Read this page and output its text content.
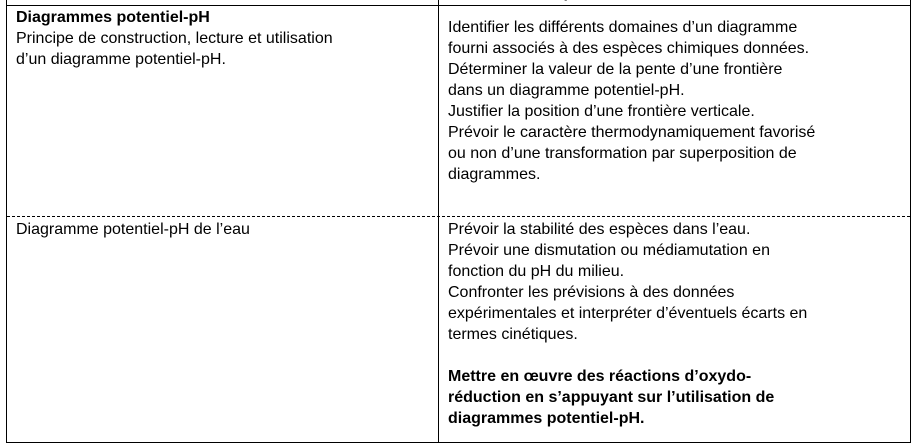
Diagrammes potentiel-pH
Principe de construction, lecture et utilisation
d’un diagramme potentiel-pH.
Identifier les différents domaines d’un diagramme
fourni associés à des espèces chimiques données.
Déterminer la valeur de la pente d’une frontière
dans un diagramme potentiel-pH.
Justifier la position d’une frontière verticale.
Prévoir le caractère thermodynamiquement favorisé
ou non d’une transformation par superposition de
diagrammes.
Diagramme potentiel-pH de l’eau	Prévoir la stabilité des espèces dans l’eau.
Prévoir une dismutation ou médiamutation en
fonction du pH du milieu.
Confronter les prévisions à des données
expérimentales et interpréter d’éventuels écarts en
termes cinétiques.
Mettre en œuvre des réactions d’oxydo-
réduction en s’appuyant sur l’utilisation de
diagrammes potentiel-pH.
